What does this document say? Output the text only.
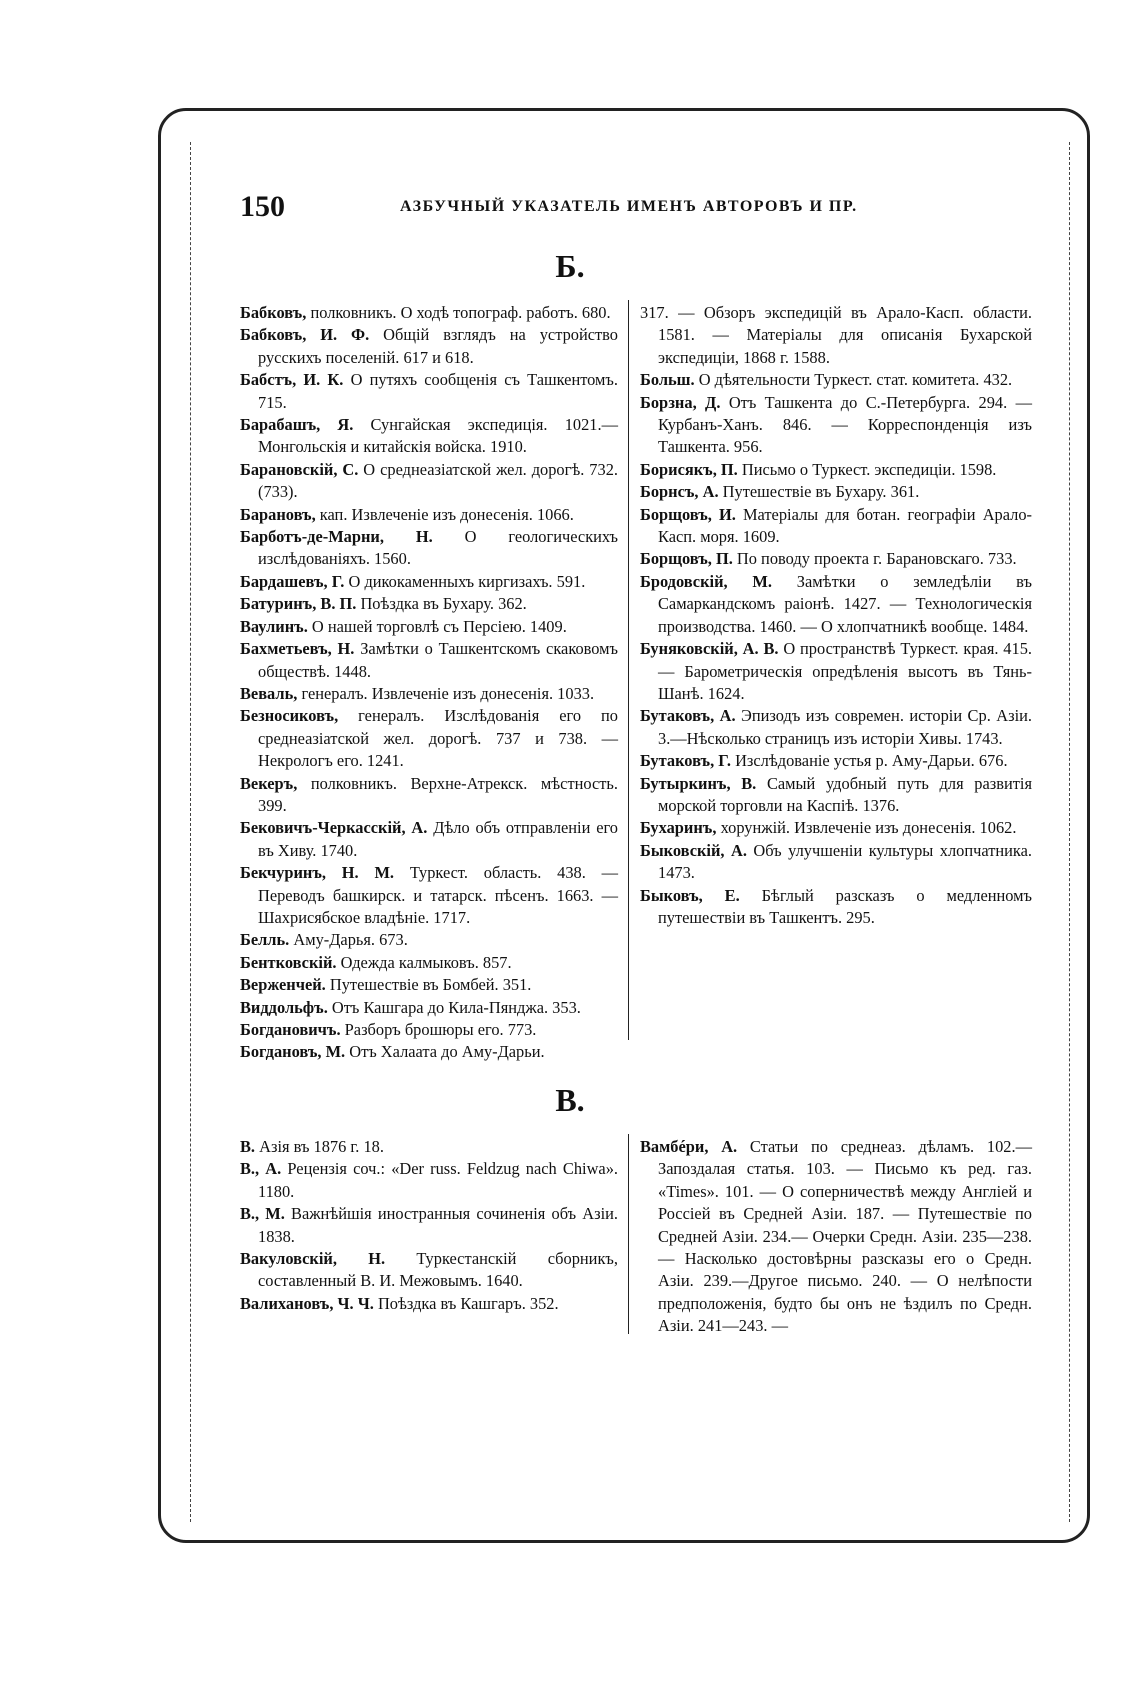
150	АЗБУЧНЫЙ УКАЗАТЕЛЬ ИМЕНЪ АВТОРОВЪ И ПР.
Б.
Бабковъ, полковникъ. О ходѣ топограф. работъ. 680.
Бабковъ, И. Ф. Общій взглядъ на устройство русскихъ поселеній. 617 и 618.
Бабстъ, И. К. О путяхъ сообщенія съ Ташкентомъ. 715.
Барабашъ, Я. Сунгайская экспедиція. 1021.— Монгольскія и китайскія войска. 1910.
Барановскій, С. О среднеазіатской жел. дорогѣ. 732. (733).
Барановъ, кап. Извлеченіе изъ донесенія. 1066.
Барботъ-де-Марни, Н. О геологическихъ изслѣдованіяхъ. 1560.
Бардашевъ, Г. О дикокаменныхъ киргизахъ. 591.
Батуринъ, В. П. Поѣздка въ Бухару. 362.
Ваулинъ. О нашей торговлѣ съ Персіею. 1409.
Бахметьевъ, Н. Замѣтки о Ташкентскомъ скаковомъ обществѣ. 1448.
Веваль, генералъ. Извлеченіе изъ донесенія. 1033.
Безносиковъ, генералъ. Изслѣдованія его по среднеазіатской жел. дорогѣ. 737 и 738. — Некрологъ его. 1241.
Векеръ, полковникъ. Верхне-Атрекск. мѣстность. 399.
Бековичъ-Черкасскій, А. Дѣло объ отправленіи его въ Хиву. 1740.
Бекчуринъ, Н. М. Туркест. область. 438. — Переводъ башкирск. и татарск. пѣсенъ. 1663. — Шахрисябское владѣніе. 1717.
Белль. Аму-Дарья. 673.
Бентковскій. Одежда калмыковъ. 857.
Верженчей. Путешествіе въ Бомбей. 351.
Виддольфъ. Отъ Кашгара до Кила-Пянджа. 353.
Богдановичъ. Разборъ брошюры его. 773.
Богдановъ, М. Отъ Халаата до Аму-Дарьи.
317. — Обзоръ экспедицій въ Арало-Касп. области. 1581. — Матеріалы для описанія Бухарской экспедиціи, 1868 г. 1588.
Больш. О дѣятельности Туркест. стат. комитета. 432.
Борзна, Д. Отъ Ташкента до С.-Петербурга. 294. — Курбанъ-Ханъ. 846. — Корреспонденція изъ Ташкента. 956.
Борисякъ, П. Письмо о Туркест. экспедиціи. 1598.
Борнсъ, А. Путешествіе въ Бухару. 361.
Борщовъ, И. Матеріалы для ботан. географіи Арало-Касп. моря. 1609.
Борщовъ, П. По поводу проекта г. Барановскаго. 733.
Бродовскій, М. Замѣтки о земледѣліи въ Самаркандскомъ раіонѣ. 1427. — Технологическія производства. 1460. — О хлопчатникѣ вообще. 1484.
Буняковскій, А. В. О пространствѣ Туркест. края. 415. — Барометрическія опредѣленія высотъ въ Тянь-Шанѣ. 1624.
Бутаковъ, А. Эпизодъ изъ современ. исторіи Ср. Азіи. 3.—Нѣсколько страницъ изъ исторіи Хивы. 1743.
Бутаковъ, Г. Изслѣдованіе устья р. Аму-Дарьи. 676.
Бутыркинъ, В. Самый удобный путь для развитія морской торговли на Каспіѣ. 1376.
Бухаринъ, хорунжій. Извлеченіе изъ донесенія. 1062.
Быковскій, А. Объ улучшеніи культуры хлопчатника. 1473.
Быковъ, Е. Бѣглый разсказъ о медленномъ путешествіи въ Ташкентъ. 295.
В.
В. Азія въ 1876 г. 18.
В., А. Рецензія соч.: «Der russ. Feldzug nach Chiwa». 1180.
В., М. Важнѣйшія иностранныя сочиненія объ Азіи. 1838.
Вакуловскій, Н. Туркестанскій сборникъ, составленный В. И. Межовымъ. 1640.
Валихановъ, Ч. Ч. Поѣздка въ Кашгаръ. 352.
Вамбéри, А. Статьи по среднеаз. дѣламъ. 102.— Запоздалая статья. 103. — Письмо къ ред. газ. «Times». 101. — О соперничествѣ между Англіей и Россіей въ Средней Азіи. 187. — Путешествіе по Средней Азіи. 234.— Очерки Средн. Азіи. 235—238. — Насколько достовѣрны разсказы его о Средн. Азіи. 239.—Другое письмо. 240. — О нелѣпости предположенія, будто бы онъ не ѣздилъ по Средн. Азіи. 241—243. —
